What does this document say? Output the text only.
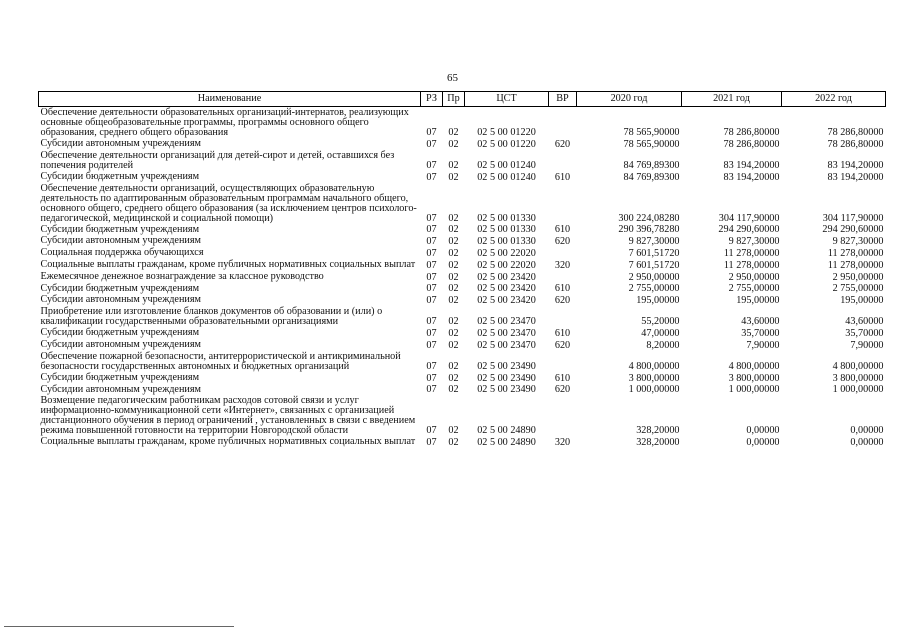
65
Наименование	РЗ	Пр	ЦСТ	ВР	2020 год	2021 год	2022 год
Обеспечение деятельности образовательных организаций-интернатов, реализующих основные общеобразовательные программы, программы основного общего образования, среднего общего образования	07	02	02 5 00 01220		78 565,90000	78 286,80000	78 286,80000
Субсидии автономным учреждениям	07	02	02 5 00 01220	620	78 565,90000	78 286,80000	78 286,80000
Обеспечение деятельности организаций для детей-сирот и детей, оставшихся без попечения родителей	07	02	02 5 00 01240		84 769,89300	83 194,20000	83 194,20000
Субсидии бюджетным учреждениям	07	02	02 5 00 01240	610	84 769,89300	83 194,20000	83 194,20000
Обеспечение деятельности организаций, осуществляющих образовательную деятельность по адаптированным образовательным программам начального общего, основного общего, среднего общего образования (за исключением центров психолого-педагогической, медицинской и социальной помощи)	07	02	02 5 00 01330		300 224,08280	304 117,90000	304 117,90000
Субсидии бюджетным учреждениям	07	02	02 5 00 01330	610	290 396,78280	294 290,60000	294 290,60000
Субсидии автономным учреждениям	07	02	02 5 00 01330	620	9 827,30000	9 827,30000	9 827,30000
Социальная поддержка обучающихся	07	02	02 5 00 22020		7 601,51720	11 278,00000	11 278,00000
Социальные выплаты гражданам, кроме публичных нормативных социальных выплат	07	02	02 5 00 22020	320	7 601,51720	11 278,00000	11 278,00000
Ежемесячное денежное вознаграждение за классное руководство	07	02	02 5 00 23420		2 950,00000	2 950,00000	2 950,00000
Субсидии бюджетным учреждениям	07	02	02 5 00 23420	610	2 755,00000	2 755,00000	2 755,00000
Субсидии автономным учреждениям	07	02	02 5 00 23420	620	195,00000	195,00000	195,00000
Приобретение или изготовление бланков документов об образовании и (или) о квалификации государственными образовательными организациями	07	02	02 5 00 23470		55,20000	43,60000	43,60000
Субсидии бюджетным учреждениям	07	02	02 5 00 23470	610	47,00000	35,70000	35,70000
Субсидии автономным учреждениям	07	02	02 5 00 23470	620	8,20000	7,90000	7,90000
Обеспечение пожарной безопасности, антитеррористической и антикриминальной безопасности государственных автономных и бюджетных организаций	07	02	02 5 00 23490		4 800,00000	4 800,00000	4 800,00000
Субсидии бюджетным учреждениям	07	02	02 5 00 23490	610	3 800,00000	3 800,00000	3 800,00000
Субсидии автономным учреждениям	07	02	02 5 00 23490	620	1 000,00000	1 000,00000	1 000,00000
Возмещение педагогическим работникам расходов сотовой связи и услуг информационно-коммуникационной сети «Интернет», связанных с организацией дистанционного обучения в период ограничений , установленных в связи с введением режима повышенной готовности на территории Новгородской области	07	02	02 5 00 24890		328,20000	0,00000	0,00000
Социальные выплаты гражданам, кроме публичных нормативных социальных выплат	07	02	02 5 00 24890	320	328,20000	0,00000	0,00000
